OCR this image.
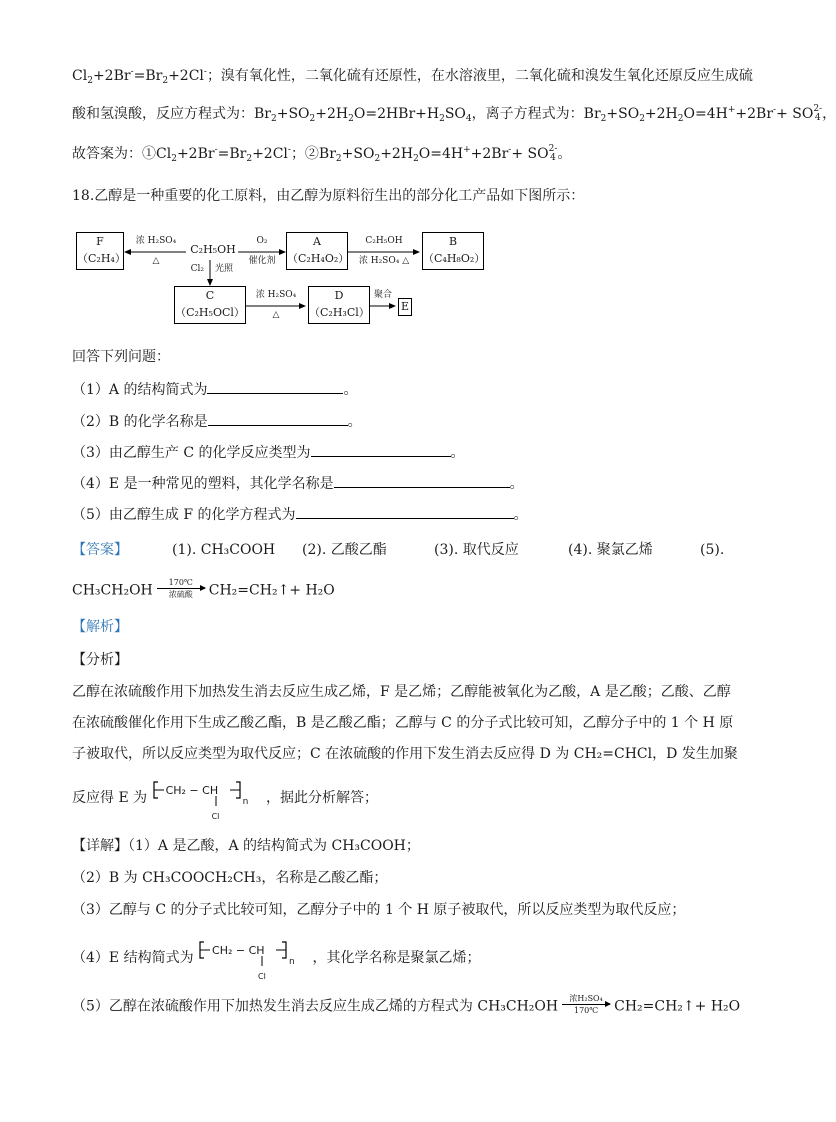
$Cl_2+2Br^-=Br_2+2Cl^-$；溴有氧化性，二氧化硫有还原性，在水溶液里，二氧化硫和溴发生氧化还原反应生成硫
酸和氢溴酸，反应方程式为：$Br_2+SO_2+2H_2O=2HBr+H_2SO_4$，离子方程式为：$Br_2+SO_2+2H_2O=4H^++2Br^-+$ SO 2-
4 ，
故答案为：$①Cl_2+2Br^-=Br_2+2Cl^-$；$②Br_2+SO_2+2H_2O=4H^++2Br^-+$ SO 2-
4 。
18.乙醇是一种重要的化工原料，由乙醇为原料衍生出的部分化工产品如下图所示：
F
（C₂H₄）
浓 H₂SO₄
△
C₂H₅OH
O₂
催化剂
A
（C₂H₄O₂）
C₂H₅OH
浓 H₂SO₄ △
B
（C₄H₈O₂）
Cl₂ 光照
C
（C₂H₅OCl）
浓 H₂SO₄
△
D
（C₂H₃Cl）
聚合
E
回答下列问题：
（1）A 的结构简式为	。
（2）B 的化学名称是	。
（3）由乙醇生产 C 的化学反应类型为	。
（4）E 是一种常见的塑料，其化学名称是	。
（5）由乙醇生成 F 的化学方程式为	。
【答案】	(1). CH₃COOH (2). 乙酸乙酯	(3). 取代反应	(4). 聚氯乙烯	(5).
CH₃CH₂OH 170℃
浓硫酸 CH₂=CH₂↑+ H₂O
【解析】
【分析】
乙醇在浓硫酸作用下加热发生消去反应生成乙烯，F 是乙烯；乙醇能被氧化为乙酸，A 是乙酸；乙酸、乙醇
在浓硫酸催化作用下生成乙酸乙酯，B 是乙酸乙酯；乙醇与 C 的分子式比较可知，乙醇分子中的 1 个 H 原
子被取代，所以反应类型为取代反应；C 在浓硫酸的作用下发生消去反应得 D 为 CH₂=CHCl，D 发生加聚
反应得 E 为 CH₂ − CH
n
Cl
，据此分析解答；
【详解】（1）A 是乙酸，A 的结构简式为 CH₃COOH；
（2）B 为 CH₃COOCH₂CH₃，名称是乙酸乙酯；
（3）乙醇与 C 的分子式比较可知，乙醇分子中的 1 个 H 原子被取代，所以反应类型为取代反应；
（4）E 结构简式为 CH₂ − CH
n
Cl
，其化学名称是聚氯乙烯；
（5）乙醇在浓硫酸作用下加热发生消去反应生成乙烯的方程式为 CH₃CH₂OH 浓H₂SO₄
170℃ CH₂=CH₂↑+ H₂O
